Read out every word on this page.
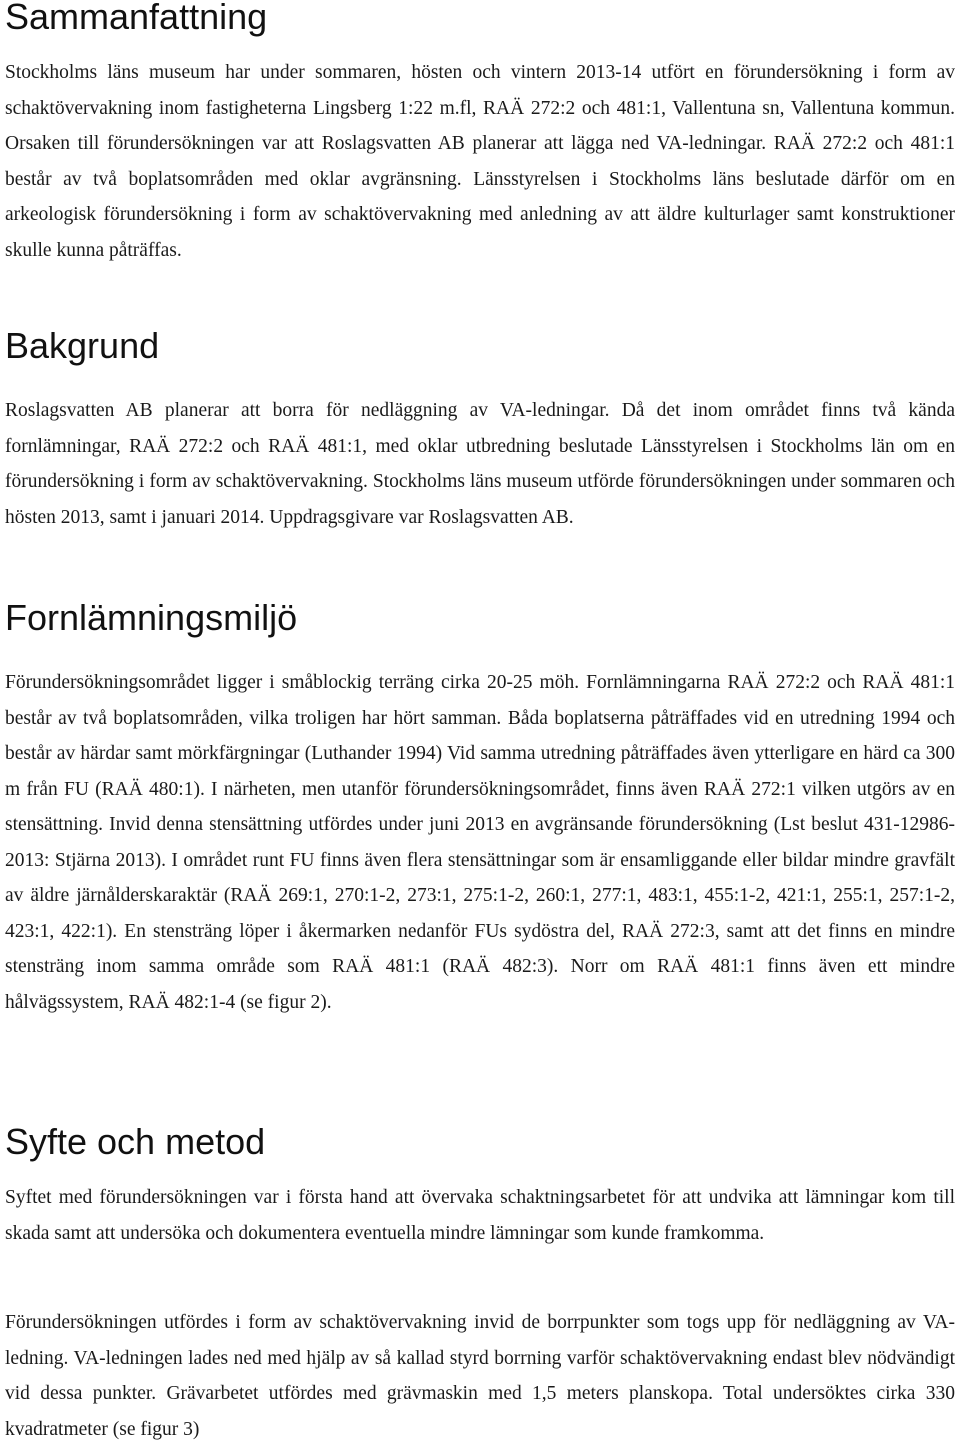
Sammanfattning

Stockholms läns museum har under sommaren, hösten och vintern 2013-14 utfört en förundersökning i form av schaktövervakning inom fastigheterna Lingsberg 1:22 m.fl, RAÄ 272:2 och 481:1, Vallentuna sn, Vallentuna kommun. Orsaken till förundersökningen var att Roslagsvatten AB planerar att lägga ned VA-ledningar. RAÄ 272:2 och 481:1 består av två boplatsområden med oklar avgränsning. Länsstyrelsen i Stockholms läns beslutade därför om en arkeologisk förundersökning i form av schaktövervakning med anledning av att äldre kulturlager samt konstruktioner skulle kunna påträffas.

Bakgrund

Roslagsvatten AB planerar att borra för nedläggning av VA-ledningar. Då det inom området finns två kända fornlämningar, RAÄ 272:2 och RAÄ 481:1, med oklar utbredning beslutade Länsstyrelsen i Stockholms län om en förundersökning i form av schaktövervakning. Stockholms läns museum utförde förundersökningen under sommaren och hösten 2013, samt i januari 2014. Uppdragsgivare var Roslagsvatten AB.

Fornlämningsmiljö

Förundersökningsområdet ligger i småblockig terräng cirka 20-25 möh. Fornlämningarna RAÄ 272:2 och RAÄ 481:1 består av två boplatsområden, vilka troligen har hört samman. Båda boplatserna påträffades vid en utredning 1994 och består av härdar samt mörkfärgningar (Luthander 1994) Vid samma utredning påträffades även ytterligare en härd ca 300 m från FU (RAÄ 480:1). I närheten, men utanför förundersökningsområdet, finns även RAÄ 272:1 vilken utgörs av en stensättning. Invid denna stensättning utfördes under juni 2013 en avgränsande förundersökning (Lst beslut 431-12986-2013: Stjärna 2013). I området runt FU finns även flera stensättningar som är ensamliggande eller bildar mindre gravfält av äldre järnålderskaraktär (RAÄ 269:1, 270:1-2, 273:1, 275:1-2, 260:1, 277:1, 483:1, 455:1-2, 421:1, 255:1, 257:1-2, 423:1, 422:1). En stensträng löper i åkermarken nedanför FUs sydöstra del, RAÄ 272:3, samt att det finns en mindre stensträng inom samma område som RAÄ 481:1 (RAÄ 482:3). Norr om RAÄ 481:1 finns även ett mindre hålvägssystem, RAÄ 482:1-4 (se figur 2).

Syfte och metod

Syftet med förundersökningen var i första hand att övervaka schaktningsarbetet för att undvika att lämningar kom till skada samt att undersöka och dokumentera eventuella mindre lämningar som kunde framkomma.

Förundersökningen utfördes i form av schaktövervakning invid de borrpunkter som togs upp för nedläggning av VA-ledning. VA-ledningen lades ned med hjälp av så kallad styrd borrning varför schaktövervakning endast blev nödvändigt vid dessa punkter. Grävarbetet utfördes med grävmaskin med 1,5 meters planskopa. Total undersöktes cirka 330 kvadratmeter (se figur 3)
